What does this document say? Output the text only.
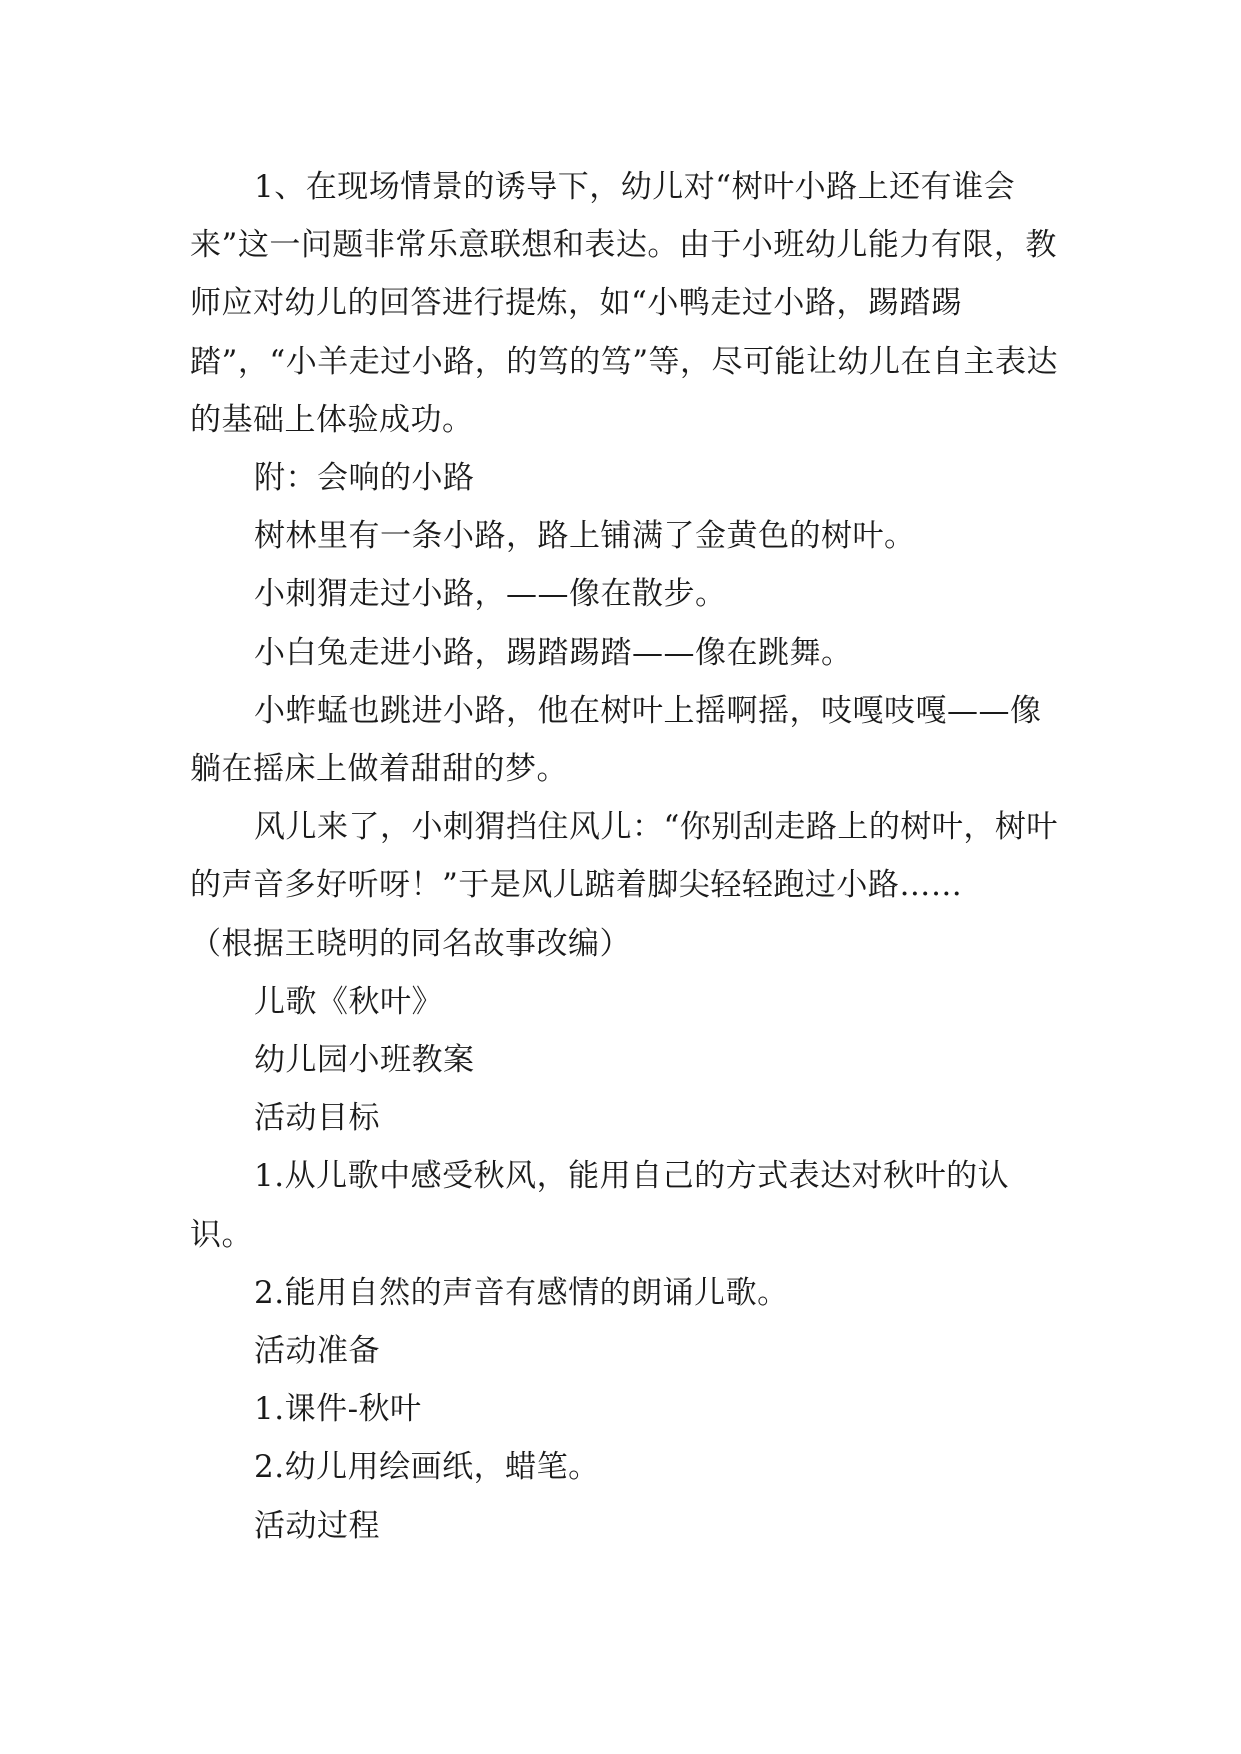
1、在现场情景的诱导下，幼儿对“树叶小路上还有谁会来”这一问题非常乐意联想和表达。由于小班幼儿能力有限，教师应对幼儿的回答进行提炼，如“小鸭走过小路，踢踏踢踏”，“小羊走过小路，的笃的笃”等，尽可能让幼儿在自主表达的基础上体验成功。

附：会响的小路

树林里有一条小路，路上铺满了金黄色的树叶。

小刺猬走过小路，——像在散步。

小白兔走进小路，踢踏踢踏——像在跳舞。

小蚱蜢也跳进小路，他在树叶上摇啊摇，吱嘎吱嘎——像躺在摇床上做着甜甜的梦。

风儿来了，小刺猬挡住风儿：“你别刮走路上的树叶，树叶的声音多好听呀！”于是风儿踮着脚尖轻轻跑过小路……

（根据王晓明的同名故事改编）

儿歌《秋叶》

幼儿园小班教案

活动目标

1.从儿歌中感受秋风，能用自己的方式表达对秋叶的认识。

2.能用自然的声音有感情的朗诵儿歌。

活动准备

1.课件-秋叶

2.幼儿用绘画纸，蜡笔。

活动过程
